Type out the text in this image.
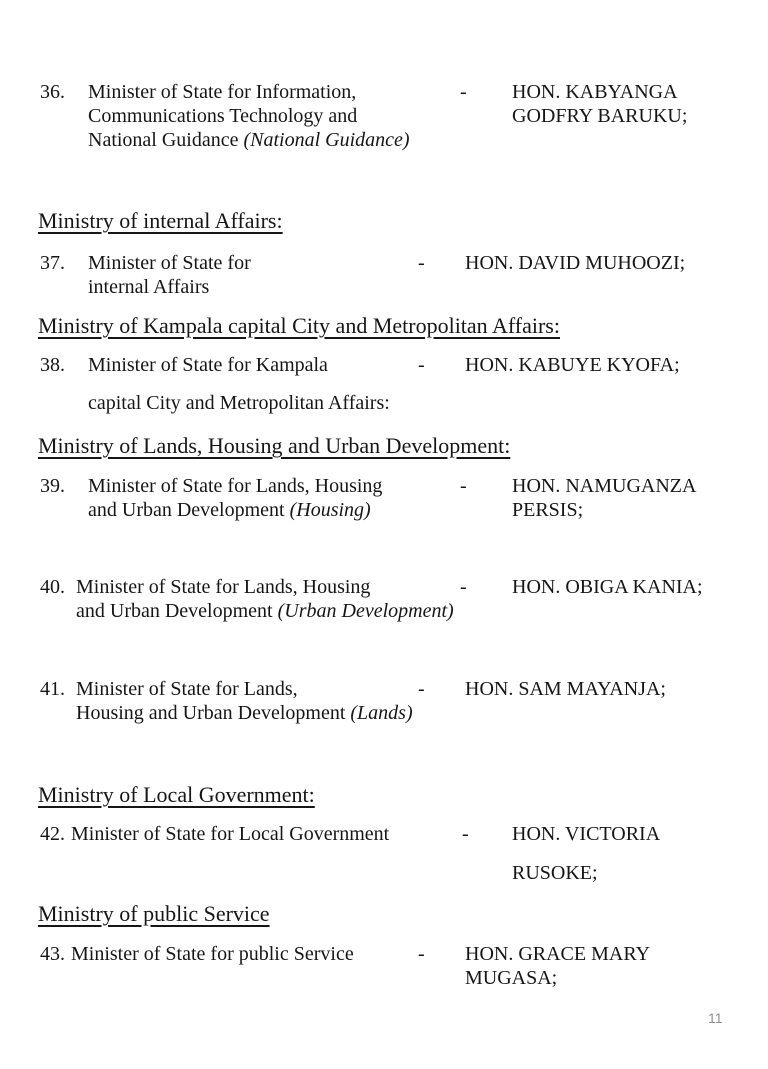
36. Minister of State for Information,
Communications Technology and
National Guidance (National Guidance)
- HON. KABYANGA
GODFRY BARUKU;
Ministry of internal Affairs:
37. Minister of State for
internal Affairs
- HON. DAVID MUHOOZI;
Ministry of Kampala capital City and Metropolitan Affairs:
38. Minister of State for Kampala
capital City and Metropolitan Affairs:
- HON. KABUYE KYOFA;
Ministry of Lands, Housing and Urban Development:
39. Minister of State for Lands, Housing
and Urban Development (Housing)
- HON. NAMUGANZA
PERSIS;
40. Minister of State for Lands, Housing
and Urban Development (Urban Development)
- HON. OBIGA KANIA;
41. Minister of State for Lands,
Housing and Urban Development (Lands)
- HON. SAM MAYANJA;
Ministry of Local Government:
42. Minister of State for Local Government	- HON. VICTORIA
RUSOKE;
Ministry of public Service
43. Minister of State for public Service	- HON. GRACE MARY
MUGASA;
11
